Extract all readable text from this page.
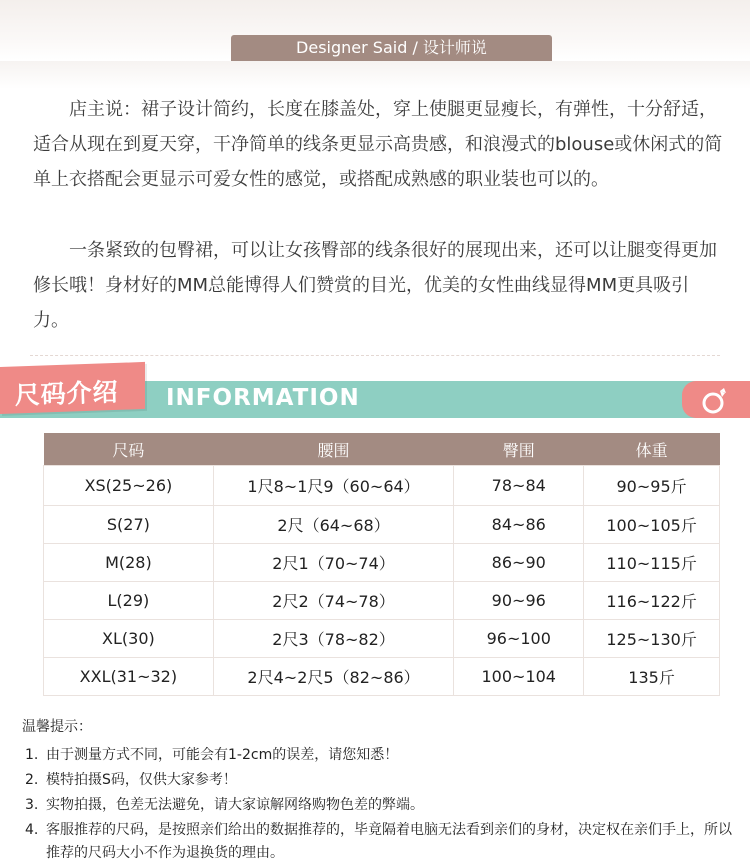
Designer Said / 设计师说

　　店主说：裙子设计简约，长度在膝盖处，穿上使腿更显瘦长，有弹性，十分舒适，适合从现在到夏天穿，干净简单的线条更显示高贵感，和浪漫式的blouse或休闲式的简单上衣搭配会更显示可爱女性的感觉，或搭配成熟感的职业装也可以的。

　　一条紧致的包臀裙，可以让女孩臀部的线条很好的展现出来，还可以让腿变得更加修长哦！身材好的MM总能博得人们赞赏的目光，优美的女性曲线显得MM更具吸引力。

尺码介绍 INFORMATION
尺码	腰围	臀围	体重
XS(25~26)	1尺8~1尺9（60~64）	78~84	90~95斤
S(27)	2尺（64~68）	84~86	100~105斤
M(28)	2尺1（70~74）	86~90	110~115斤
L(29)	2尺2（74~78）	90~96	116~122斤
XL(30)	2尺3（78~82）	96~100	125~130斤
XXL(31~32)	2尺4~2尺5（82~86）	100~104	135斤

温馨提示：

1. 由于测量方式不同，可能会有1-2cm的误差，请您知悉！
2. 模特拍摄S码，仅供大家参考！
3. 实物拍摄，色差无法避免，请大家谅解网络购物色差的弊端。
4. 客服推荐的尺码，是按照亲们给出的数据推荐的，毕竟隔着电脑无法看到亲们的身材，决定权在亲们手上，所以推荐的尺码大小不作为退换货的理由。
